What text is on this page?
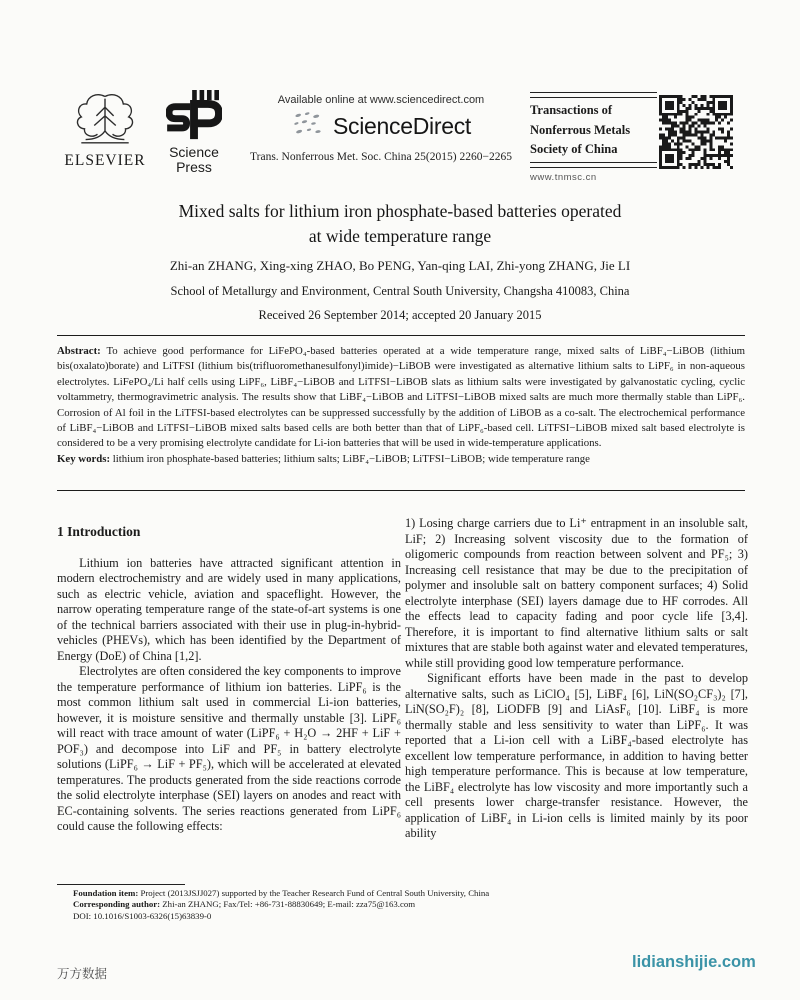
ELSEVIER	Science
Press
Available online at www.sciencedirect.com
ScienceDirect
Trans. Nonferrous Met. Soc. China 25(2015) 2260−2265
Transactions of
Nonferrous Metals
Society of China
www.tnmsc.cn
Mixed salts for lithium iron phosphate-based batteries operated
at wide temperature range
Zhi-an ZHANG, Xing-xing ZHAO, Bo PENG, Yan-qing LAI, Zhi-yong ZHANG, Jie LI
School of Metallurgy and Environment, Central South University, Changsha 410083, China
Received 26 September 2014; accepted 20 January 2015

Abstract: To achieve good performance for LiFePO₄-based batteries operated at a wide temperature range, mixed salts of LiBF₄−LiBOB (lithium bis(oxalato)borate) and LiTFSI (lithium bis(trifluoromethanesulfonyl)imide)−LiBOB were investigated as alternative lithium salts to LiPF₆ in non-aqueous electrolytes. LiFePO₄/Li half cells using LiPF₆, LiBF₄−LiBOB and LiTFSI−LiBOB slats as lithium salts were investigated by galvanostatic cycling, cyclic voltammetry, thermogravimetric analysis. The results show that LiBF₄−LiBOB and LiTFSI−LiBOB mixed salts are much more thermally stable than LiPF₆. Corrosion of Al foil in the LiTFSI-based electrolytes can be suppressed successfully by the addition of LiBOB as a co-salt. The electrochemical performance of LiBF₄−LiBOB and LiTFSI−LiBOB mixed salts based cells are both better than that of LiPF₆-based cell. LiTFSI−LiBOB mixed salt based electrolyte is considered to be a very promising electrolyte candidate for Li-ion batteries that will be used in wide-temperature applications.

Key words: lithium iron phosphate-based batteries; lithium salts; LiBF₄−LiBOB; LiTFSI−LiBOB; wide temperature range

1 Introduction

Lithium ion batteries have attracted significant attention in modern electrochemistry and are widely used in many applications, such as electric vehicle, aviation and spaceflight. However, the narrow operating temperature range of the state-of-art systems is one of the technical barriers associated with their use in plug-in-hybrid-vehicles (PHEVs), which has been identified by the Department of Energy (DoE) of China [1,2].

Electrolytes are often considered the key components to improve the temperature performance of lithium ion batteries. LiPF₆ is the most common lithium salt used in commercial Li-ion batteries, however, it is moisture sensitive and thermally unstable [3]. LiPF₆ will react with trace amount of water (LiPF₆ + H₂O → 2HF + LiF + POF₃) and decompose into LiF and PF₅ in battery electrolyte solutions (LiPF₆ → LiF + PF₅), which will be accelerated at elevated temperatures. The products generated from the side reactions corrode the solid electrolyte interphase (SEI) layers on anodes and react with EC-containing solvents. The series reactions generated from LiPF₆ could cause the following effects:

1) Losing charge carriers due to Li⁺ entrapment in an insoluble salt, LiF; 2) Increasing solvent viscosity due to the formation of oligomeric compounds from reaction between solvent and PF₅; 3) Increasing cell resistance that may be due to the precipitation of polymer and insoluble salt on battery component surfaces; 4) Solid electrolyte interphase (SEI) layers damage due to HF corrodes. All the effects lead to capacity fading and poor cycle life [3,4]. Therefore, it is important to find alternative lithium salts or salt mixtures that are stable both against water and elevated temperatures, while still providing good low temperature performance.

Significant efforts have been made in the past to develop alternative salts, such as LiClO₄ [5], LiBF₄ [6], LiN(SO₂CF₃)₂ [7], LiN(SO₂F)₂ [8], LiODFB [9] and LiAsF₆ [10]. LiBF₄ is more thermally stable and less sensitivity to water than LiPF₆. It was reported that a Li-ion cell with a LiBF₄-based electrolyte has excellent low temperature performance, in addition to having better high temperature performance. This is because at low temperature, the LiBF₄ electrolyte has low viscosity and more importantly such a cell presents lower charge-transfer resistance. However, the application of LiBF₄ in Li-ion cells is limited mainly by its poor ability

Foundation item: Project (2013JSJJ027) supported by the Teacher Research Fund of Central South University, China

Corresponding author: Zhi-an ZHANG; Fax/Tel: +86-731-88830649; E-mail: zza75@163.com

DOI: 10.1016/S1003-6326(15)63839-0

万方数据
lidianshijie.com
